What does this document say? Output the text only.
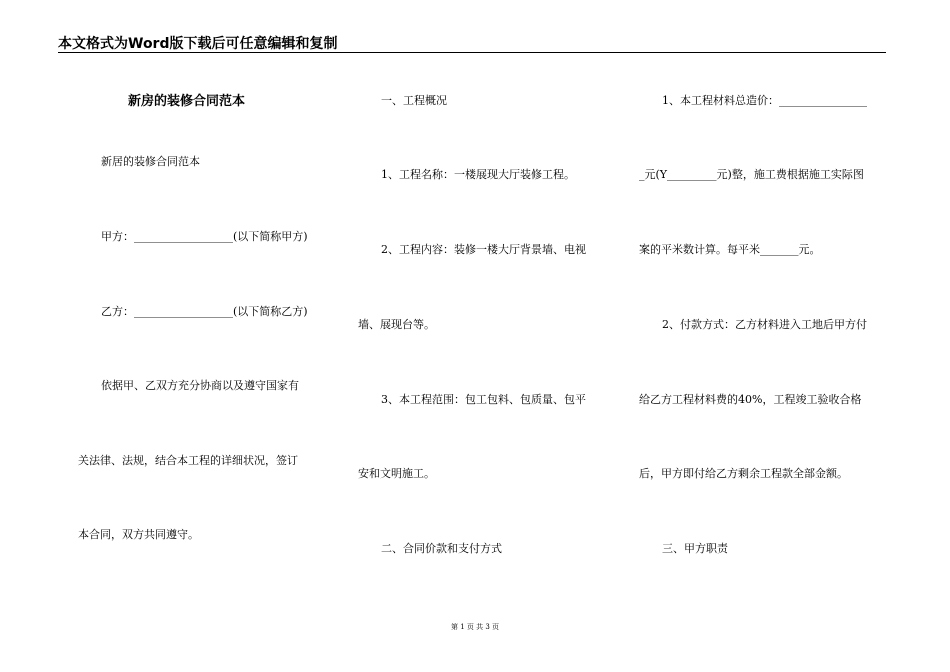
本文格式为Word版下载后可任意编辑和复制
新房的装修合同范本
新居的装修合同范本
甲方：__________________(以下简称甲方)
乙方：__________________(以下简称乙方)
依据甲、乙双方充分协商以及遵守国家有
关法律、法规，结合本工程的详细状况，签订
本合同，双方共同遵守。
一、工程概况
1、工程名称：一楼展现大厅装修工程。
2、工程内容：装修一楼大厅背景墙、电视
墙、展现台等。
3、本工程范围：包工包料、包质量、包平
安和文明施工。
二、合同价款和支付方式
1、本工程材料总造价：________________
_元(Y_________元)整，施工费根据施工实际图
案的平米数计算。每平米_______元。
2、付款方式：乙方材料进入工地后甲方付
给乙方工程材料费的40%，工程竣工验收合格
后，甲方即付给乙方剩余工程款全部金额。
三、甲方职责
第 1 页 共 3 页
